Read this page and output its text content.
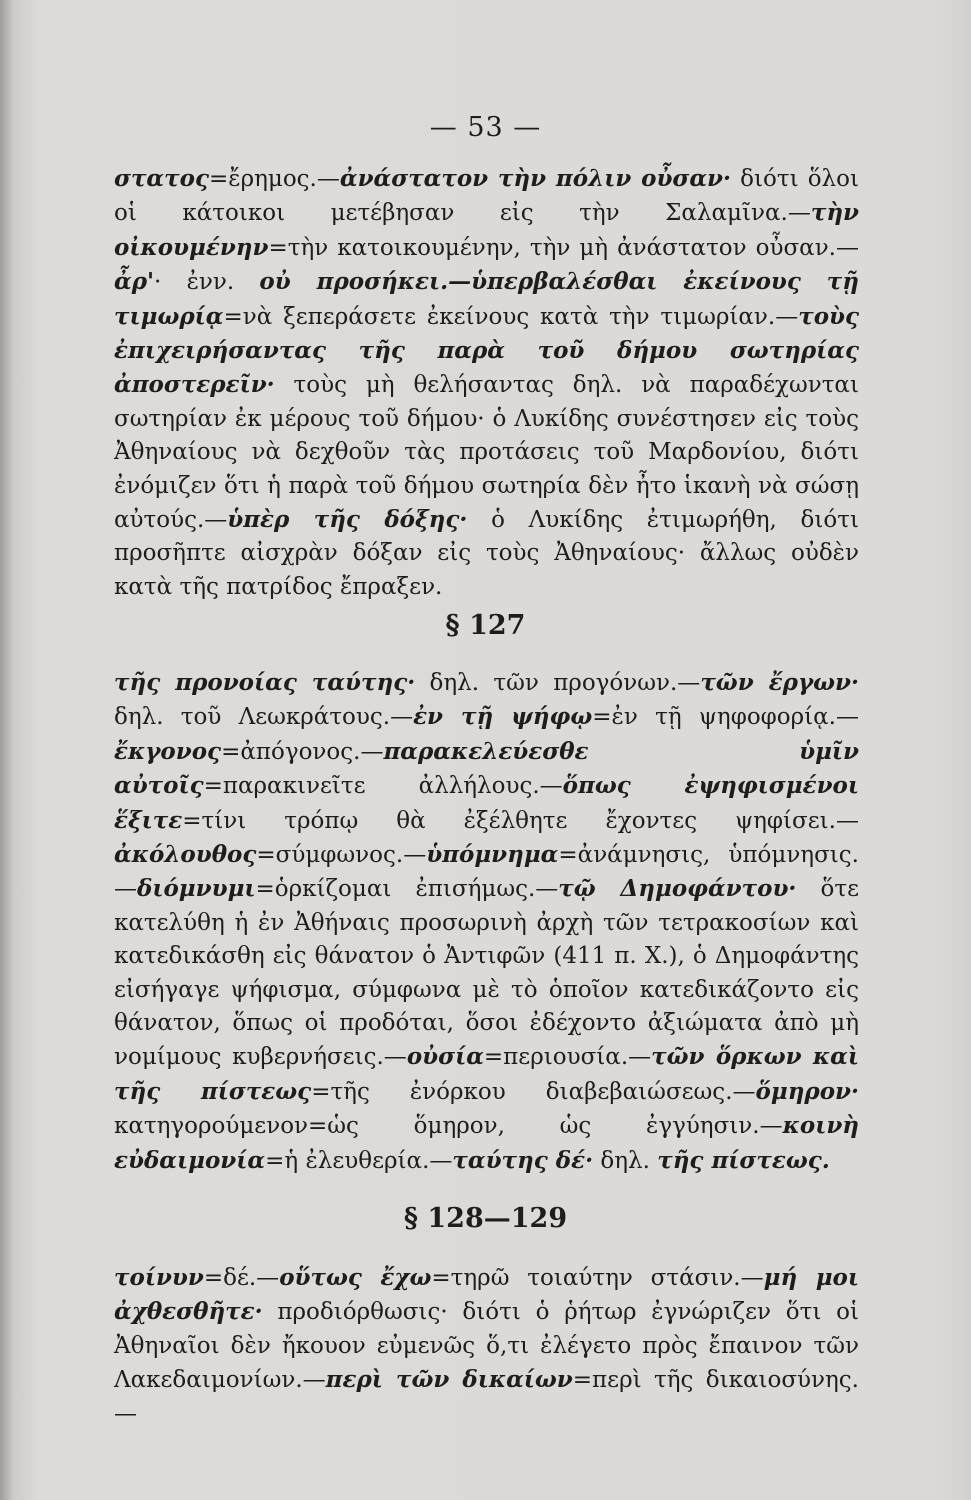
— 53 —

στατος=ἔρημος.—ἀνάστατον τὴν πόλιν οὖσαν· διότι ὅλοι οἱ κάτοικοι μετέβησαν εἰς τὴν Σαλαμῖνα.—τὴν οἰκουμένην=τὴν κατοικουμένην, τὴν μὴ ἀνάστατον οὖσαν.—ἆρ'· ἐνν. οὐ προσήκει.—ὑπερβαλέσθαι ἐκείνους τῇ τιμωρίᾳ=νὰ ξεπεράσετε ἐκείνους κατὰ τὴν τιμωρίαν.—τοὺς ἐπιχειρήσαντας τῆς παρὰ τοῦ δήμου σωτηρίας ἀποστερεῖν· τοὺς μὴ θελήσαντας δηλ. νὰ παραδέχωνται σωτηρίαν ἐκ μέρους τοῦ δήμου· ὁ Λυκίδης συνέστησεν εἰς τοὺς Ἀθηναίους νὰ δεχθοῦν τὰς προτάσεις τοῦ Μαρδονίου, διότι ἐνόμιζεν ὅτι ἡ παρὰ τοῦ δήμου σωτηρία δὲν ἦτο ἱκανὴ νὰ σώσῃ αὐτούς.—ὑπὲρ τῆς δόξης· ὁ Λυκίδης ἐτιμωρήθη, διότι προσῆπτε αἰσχρὰν δόξαν εἰς τοὺς Ἀθηναίους· ἄλλως οὐδὲν κατὰ τῆς πατρίδος ἔπραξεν.

§ 127

τῆς προνοίας ταύτης· δηλ. τῶν προγόνων.—τῶν ἔργων· δηλ. τοῦ Λεωκράτους.—ἐν τῇ ψήφῳ=ἐν τῇ ψηφοφορίᾳ.—ἔκγονος=ἀπόγονος.—παρακελεύεσθε ὑμῖν αὐτοῖς=παρακινεῖτε ἀλλήλους.—ὅπως ἐψηφισμένοι ἕξιτε=τίνι τρόπῳ θὰ ἐξέλθητε ἔχοντες ψηφίσει.—ἀκόλουθος=σύμφωνος.—ὑπόμνημα=ἀνάμνησις, ὑπόμνησις.—διόμνυμι=ὁρκίζομαι ἐπισήμως.—τῷ Δημοφάντου· ὅτε κατελύθη ἡ ἐν Ἀθήναις προσωρινὴ ἀρχὴ τῶν τετρακοσίων καὶ κατεδικάσθη εἰς θάνατον ὁ Ἀντιφῶν (411 π. Χ.), ὁ Δημοφάντης εἰσήγαγε ψήφισμα, σύμφωνα μὲ τὸ ὁποῖον κατεδικάζοντο εἰς θάνατον, ὅπως οἱ προδόται, ὅσοι ἐδέχοντο ἀξιώματα ἀπὸ μὴ νομίμους κυβερνήσεις.—οὐσία=περιουσία.—τῶν ὅρκων καὶ τῆς πίστεως=τῆς ἐνόρκου διαβεβαιώσεως.—ὅμηρον· κατηγορούμενον=ὡς ὅμηρον, ὡς ἐγγύησιν.—κοινὴ εὐδαιμονία=ἡ ἐλευθερία.—ταύτης δέ· δηλ. τῆς πίστεως.

§ 128—129

τοίνυν=δέ.—οὕτως ἔχω=τηρῶ τοιαύτην στάσιν.—μή μοι ἀχθεσθῆτε· προδιόρθωσις· διότι ὁ ῥήτωρ ἐγνώριζεν ὅτι οἱ Ἀθηναῖοι δὲν ἤκουον εὐμενῶς ὅ,τι ἐλέγετο πρὸς ἔπαινον τῶν Λακεδαιμονίων.—περὶ τῶν δικαίων=περὶ τῆς δικαιοσύνης.—
